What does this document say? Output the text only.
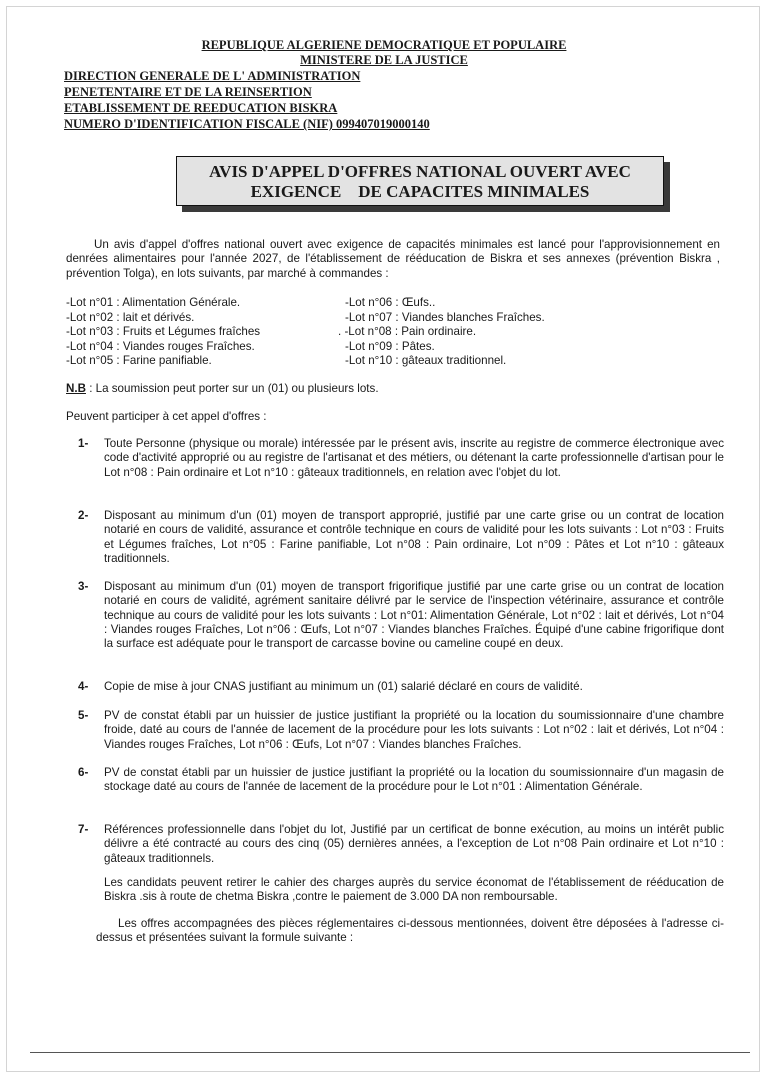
REPUBLIQUE ALGERIENE DEMOCRATIQUE ET POPULAIRE
MINISTERE DE LA JUSTICE
DIRECTION GENERALE DE L' ADMINISTRATION
PENETENTAIRE ET DE LA REINSERTION
ETABLISSEMENT DE REEDUCATION BISKRA
NUMERO D'IDENTIFICATION FISCALE (NIF) 099407019000140
AVIS D'APPEL D'OFFRES NATIONAL OUVERT AVEC
EXIGENCE    DE CAPACITES MINIMALES
Un avis d'appel d'offres national ouvert avec exigence de capacités minimales est lancé pour l'approvisionnement en denrées alimentaires pour l'année 2027, de l'établissement de rééducation de Biskra et ses annexes (prévention Biskra , prévention Tolga), en lots suivants, par marché à commandes :
-Lot n°01 : Alimentation Générale.
-Lot n°02 : lait et dérivés.
-Lot n°03 : Fruits et Légumes fraîches
-Lot n°04 : Viandes rouges Fraîches.
-Lot n°05 : Farine panifiable.
-Lot n°06 : Œufs..
-Lot n°07 : Viandes blanches Fraîches.
. -Lot n°08 : Pain ordinaire.
-Lot n°09 : Pâtes.
-Lot n°10 : gâteaux traditionnel.
N.B : La soumission peut porter sur un (01) ou plusieurs lots.
Peuvent participer à cet appel d'offres :
1- Toute Personne (physique ou morale) intéressée par le présent avis, inscrite au registre de commerce électronique avec code d'activité approprié ou au registre de l'artisanat et des métiers, ou détenant la carte professionnelle d'artisan pour le Lot n°08 : Pain ordinaire et Lot n°10 : gâteaux traditionnels, en relation avec l'objet du lot.
2- Disposant au minimum d'un (01) moyen de transport approprié, justifié par une carte grise ou un contrat de location notarié en cours de validité, assurance et contrôle technique en cours de validité pour les lots suivants : Lot n°03 : Fruits et Légumes fraîches, Lot n°05 : Farine panifiable, Lot n°08 : Pain ordinaire, Lot n°09 : Pâtes et Lot n°10 : gâteaux traditionnels.
3- Disposant au minimum d'un (01) moyen de transport frigorifique justifié par une carte grise ou un contrat de location notarié en cours de validité, agrément sanitaire délivré par le service de l'inspection vétérinaire, assurance et contrôle technique au cours de validité pour les lots suivants : Lot n°01: Alimentation Générale, Lot n°02 : lait et dérivés, Lot n°04 : Viandes rouges Fraîches, Lot n°06 : Œufs, Lot n°07 : Viandes blanches Fraîches. Équipé d'une cabine frigorifique dont la surface est adéquate pour le transport de carcasse bovine ou cameline coupé en deux.
4- Copie de mise à jour CNAS justifiant au minimum un (01) salarié déclaré en cours de validité.
5- PV de constat établi par un huissier de justice justifiant la propriété ou la location du soumissionnaire d'une chambre froide, daté au cours de l'année de lacement de la procédure pour les lots suivants : Lot n°02 : lait et dérivés, Lot n°04 : Viandes rouges Fraîches, Lot n°06 : Œufs, Lot n°07 : Viandes blanches Fraîches.
6- PV de constat établi par un huissier de justice justifiant la propriété ou la location du soumissionnaire d'un magasin de stockage daté au cours de l'année de lacement de la procédure pour le Lot n°01 : Alimentation Générale.
7- Références professionnelle dans l'objet du lot, Justifié par un certificat de bonne exécution, au moins un intérêt public délivre a été contracté au cours des cinq (05) dernières années, a l'exception de Lot n°08 Pain ordinaire et Lot n°10 : gâteaux traditionnels.
Les candidats peuvent retirer le cahier des charges auprès du service économat de l'établissement de rééducation de Biskra .sis à route de chetma Biskra ,contre le paiement de 3.000 DA non remboursable.
Les offres accompagnées des pièces réglementaires ci-dessous mentionnées, doivent être déposées à l'adresse ci-dessus et présentées suivant la formule suivante :
